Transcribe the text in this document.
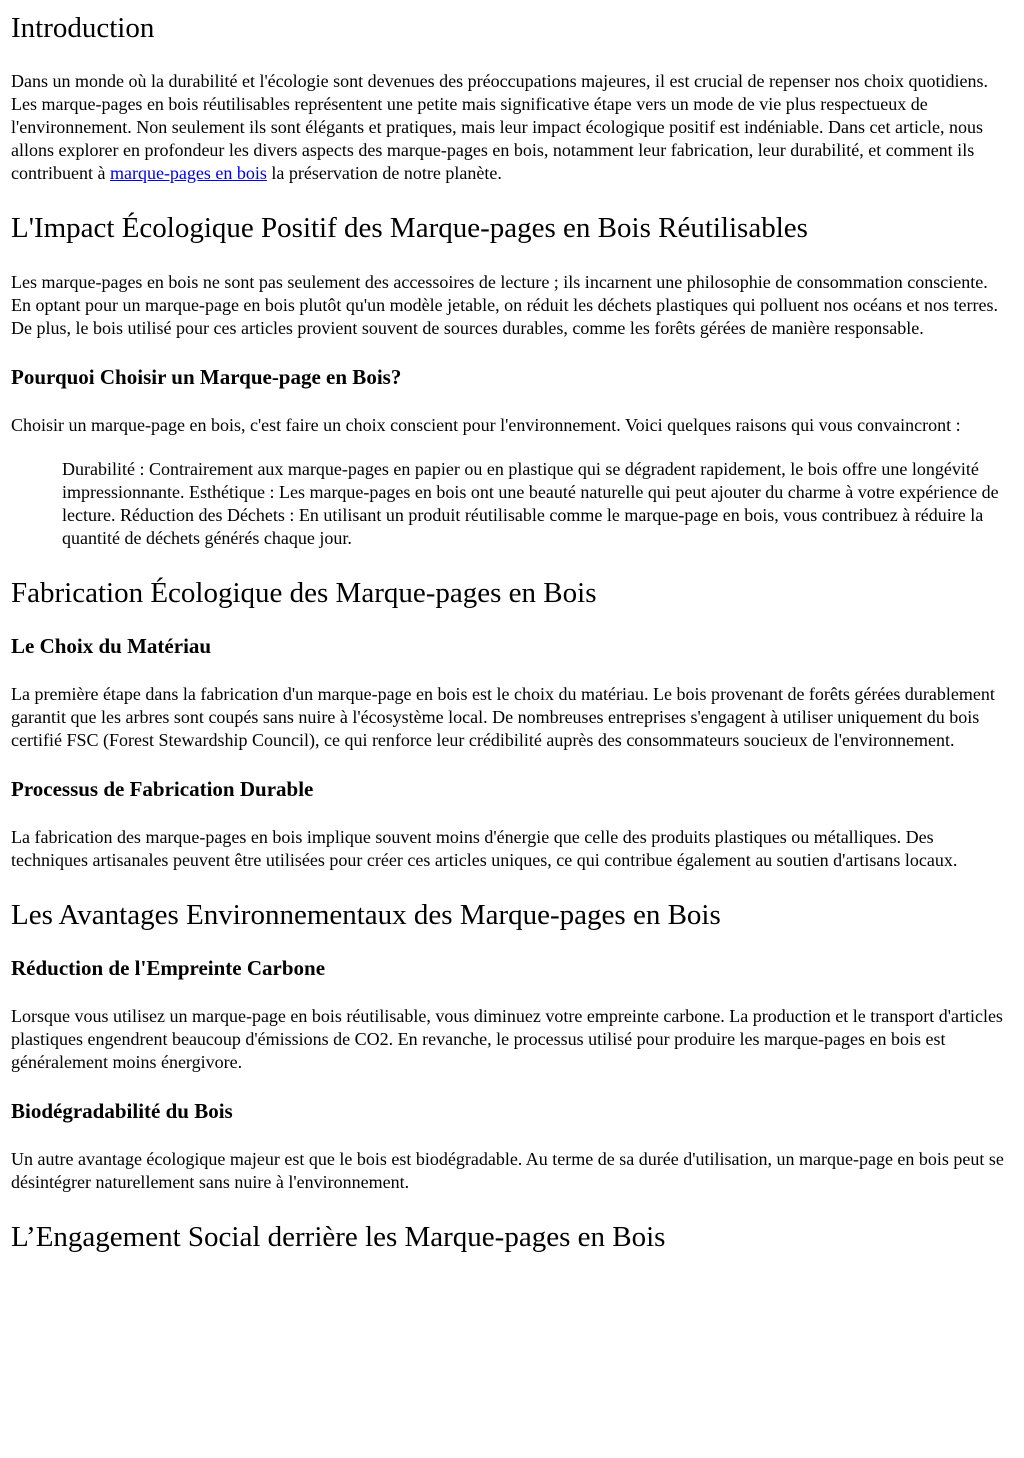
Introduction

Dans un monde où la durabilité et l'écologie sont devenues des préoccupations majeures, il est crucial de repenser nos choix quotidiens. Les marque-pages en bois réutilisables représentent une petite mais significative étape vers un mode de vie plus respectueux de l'environnement. Non seulement ils sont élégants et pratiques, mais leur impact écologique positif est indéniable. Dans cet article, nous allons explorer en profondeur les divers aspects des marque-pages en bois, notamment leur fabrication, leur durabilité, et comment ils contribuent à marque-pages en bois la préservation de notre planète.

L'Impact Écologique Positif des Marque-pages en Bois Réutilisables

Les marque-pages en bois ne sont pas seulement des accessoires de lecture ; ils incarnent une philosophie de consommation consciente. En optant pour un marque-page en bois plutôt qu'un modèle jetable, on réduit les déchets plastiques qui polluent nos océans et nos terres. De plus, le bois utilisé pour ces articles provient souvent de sources durables, comme les forêts gérées de manière responsable.

Pourquoi Choisir un Marque-page en Bois?

Choisir un marque-page en bois, c'est faire un choix conscient pour l'environnement. Voici quelques raisons qui vous convaincront :

Durabilité : Contrairement aux marque-pages en papier ou en plastique qui se dégradent rapidement, le bois offre une longévité impressionnante. Esthétique : Les marque-pages en bois ont une beauté naturelle qui peut ajouter du charme à votre expérience de lecture. Réduction des Déchets : En utilisant un produit réutilisable comme le marque-page en bois, vous contribuez à réduire la quantité de déchets générés chaque jour.
Fabrication Écologique des Marque-pages en Bois
Le Choix du Matériau

La première étape dans la fabrication d'un marque-page en bois est le choix du matériau. Le bois provenant de forêts gérées durablement garantit que les arbres sont coupés sans nuire à l'écosystème local. De nombreuses entreprises s'engagent à utiliser uniquement du bois certifié FSC (Forest Stewardship Council), ce qui renforce leur crédibilité auprès des consommateurs soucieux de l'environnement.

Processus de Fabrication Durable

La fabrication des marque-pages en bois implique souvent moins d'énergie que celle des produits plastiques ou métalliques. Des techniques artisanales peuvent être utilisées pour créer ces articles uniques, ce qui contribue également au soutien d'artisans locaux.

Les Avantages Environnementaux des Marque-pages en Bois
Réduction de l'Empreinte Carbone

Lorsque vous utilisez un marque-page en bois réutilisable, vous diminuez votre empreinte carbone. La production et le transport d'articles plastiques engendrent beaucoup d'émissions de CO2. En revanche, le processus utilisé pour produire les marque-pages en bois est généralement moins énergivore.

Biodégradabilité du Bois

Un autre avantage écologique majeur est que le bois est biodégradable. Au terme de sa durée d'utilisation, un marque-page en bois peut se désintégrer naturellement sans nuire à l'environnement.

L’Engagement Social derrière les Marque-pages en Bois
